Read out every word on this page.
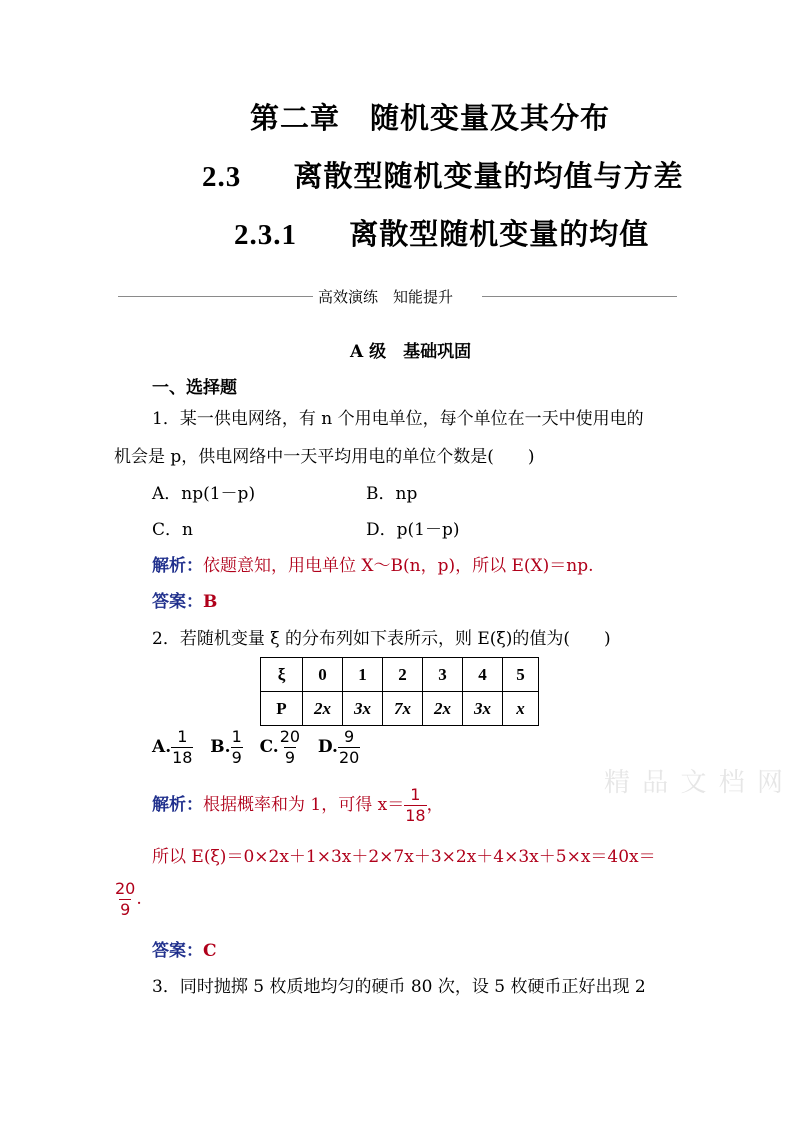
第二章　随机变量及其分布
2.3 离散型随机变量的均值与方差
2.3.1 离散型随机变量的均值
高效演练　知能提升
A 级　基础巩固
一、选择题
1．某一供电网络，有 n 个用电单位，每个单位在一天中使用电的
机会是 p，供电网络中一天平均用电的单位个数是(　　)
A．np(1－p)	B．np
C．n	D．p(1－p)
解析：依题意知，用电单位 X～B(n，p)，所以 E(X)＝np.
答案：B
2．若随机变量 ξ 的分布列如下表所示，则 E(ξ)的值为(　　)
ξ	0	1	2	3	4	5
P	2x	3x	7x	2x	3x	x
A. $\frac{1}{18} B$. $\frac{1}{9} C$. $\frac{20}{9} D$. $\frac{9}{20}$
精 品 文 档 网
解析：根据概率和为 1，可得 $x= \frac{1}{18}$ ，
所以 E(ξ)＝0×2x＋1×3x＋2×7x＋3×2x＋4×3x＋5×x＝40x＝
$\frac{20}{9}$ .
答案：C
3．同时抛掷 5 枚质地均匀的硬币 80 次，设 5 枚硬币正好出现 2
